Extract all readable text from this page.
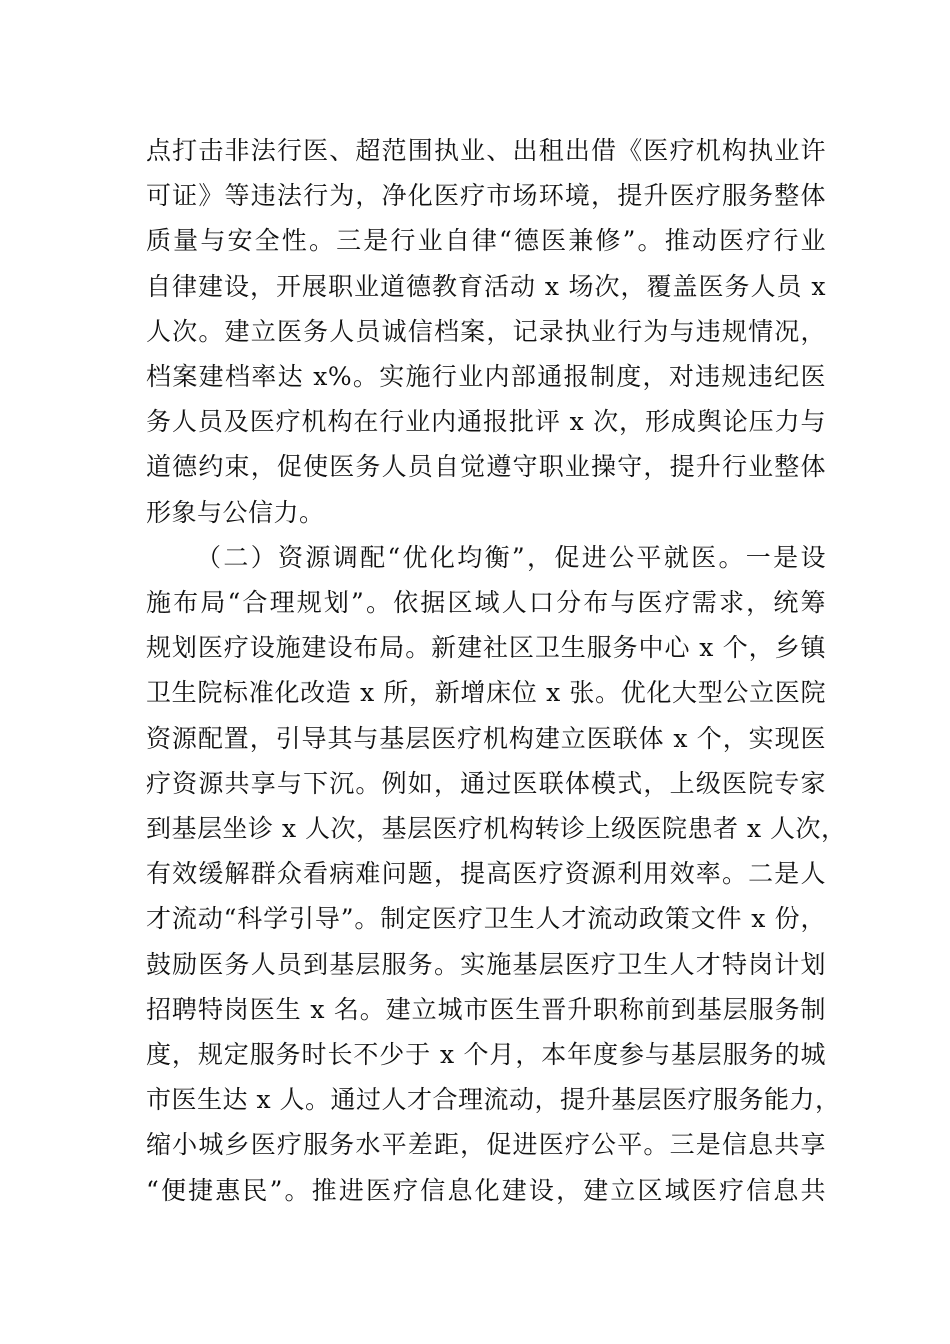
点打击非法行医、超范围执业、出租出借《医疗机构执业许
可证》等违法行为，净化医疗市场环境，提升医疗服务整体
质量与安全性。三是行业自律“德医兼修”。推动医疗行业
自律建设，开展职业道德教育活动 x 场次，覆盖医务人员 x
人次。建立医务人员诚信档案，记录执业行为与违规情况，
档案建档率达 x%。实施行业内部通报制度，对违规违纪医
务人员及医疗机构在行业内通报批评 x 次，形成舆论压力与
道德约束，促使医务人员自觉遵守职业操守，提升行业整体
形象与公信力。
（二）资源调配“优化均衡”，促进公平就医。一是设
施布局“合理规划”。依据区域人口分布与医疗需求，统筹
规划医疗设施建设布局。新建社区卫生服务中心 x 个，乡镇
卫生院标准化改造 x 所，新增床位 x 张。优化大型公立医院
资源配置，引导其与基层医疗机构建立医联体 x 个，实现医
疗资源共享与下沉。例如，通过医联体模式，上级医院专家
到基层坐诊 x 人次，基层医疗机构转诊上级医院患者 x 人次，
有效缓解群众看病难问题，提高医疗资源利用效率。二是人
才流动“科学引导”。制定医疗卫生人才流动政策文件 x 份，
鼓励医务人员到基层服务。实施基层医疗卫生人才特岗计划
招聘特岗医生 x 名。建立城市医生晋升职称前到基层服务制
度，规定服务时长不少于 x 个月，本年度参与基层服务的城
市医生达 x 人。通过人才合理流动，提升基层医疗服务能力，
缩小城乡医疗服务水平差距，促进医疗公平。三是信息共享
“便捷惠民”。推进医疗信息化建设，建立区域医疗信息共
